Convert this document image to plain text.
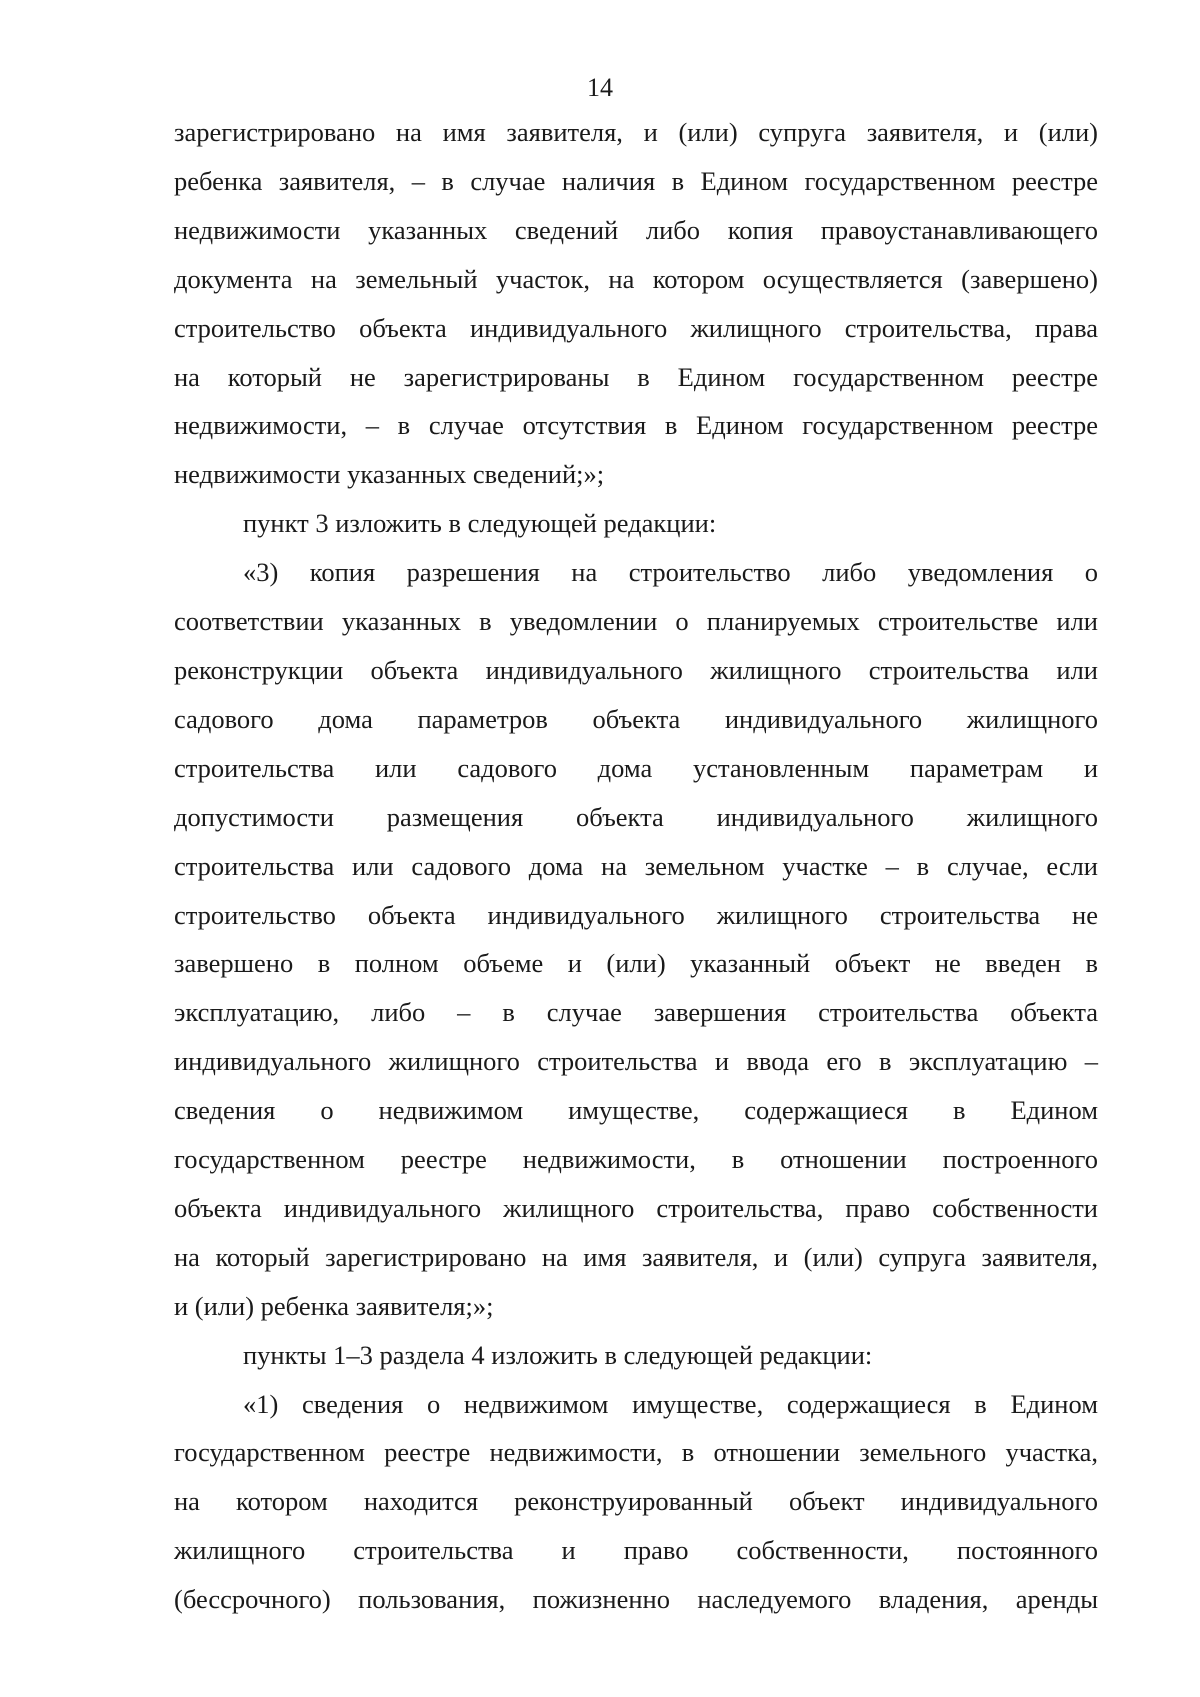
14
зарегистрировано на имя заявителя, и (или) супруга заявителя, и (или)
ребенка заявителя, – в случае наличия в Едином государственном реестре
недвижимости указанных сведений либо копия правоустанавливающего
документа на земельный участок, на котором осуществляется (завершено)
строительство объекта индивидуального жилищного строительства, права
на который не зарегистрированы в Едином государственном реестре
недвижимости, – в случае отсутствия в Едином государственном реестре
недвижимости указанных сведений;»;
пункт 3 изложить в следующей редакции:
«3) копия разрешения на строительство либо уведомления о
соответствии указанных в уведомлении о планируемых строительстве или
реконструкции объекта индивидуального жилищного строительства или
садового дома параметров объекта индивидуального жилищного
строительства или садового дома установленным параметрам и
допустимости размещения объекта индивидуального жилищного
строительства или садового дома на земельном участке – в случае, если
строительство объекта индивидуального жилищного строительства не
завершено в полном объеме и (или) указанный объект не введен в
эксплуатацию, либо – в случае завершения строительства объекта
индивидуального жилищного строительства и ввода его в эксплуатацию –
сведения о недвижимом имуществе, содержащиеся в Едином
государственном реестре недвижимости, в отношении построенного
объекта индивидуального жилищного строительства, право собственности
на который зарегистрировано на имя заявителя, и (или) супруга заявителя,
и (или) ребенка заявителя;»;
пункты 1–3 раздела 4 изложить в следующей редакции:
«1) сведения о недвижимом имуществе, содержащиеся в Едином
государственном реестре недвижимости, в отношении земельного участка,
на котором находится реконструированный объект индивидуального
жилищного строительства и право собственности, постоянного
(бессрочного) пользования, пожизненно наследуемого владения, аренды
